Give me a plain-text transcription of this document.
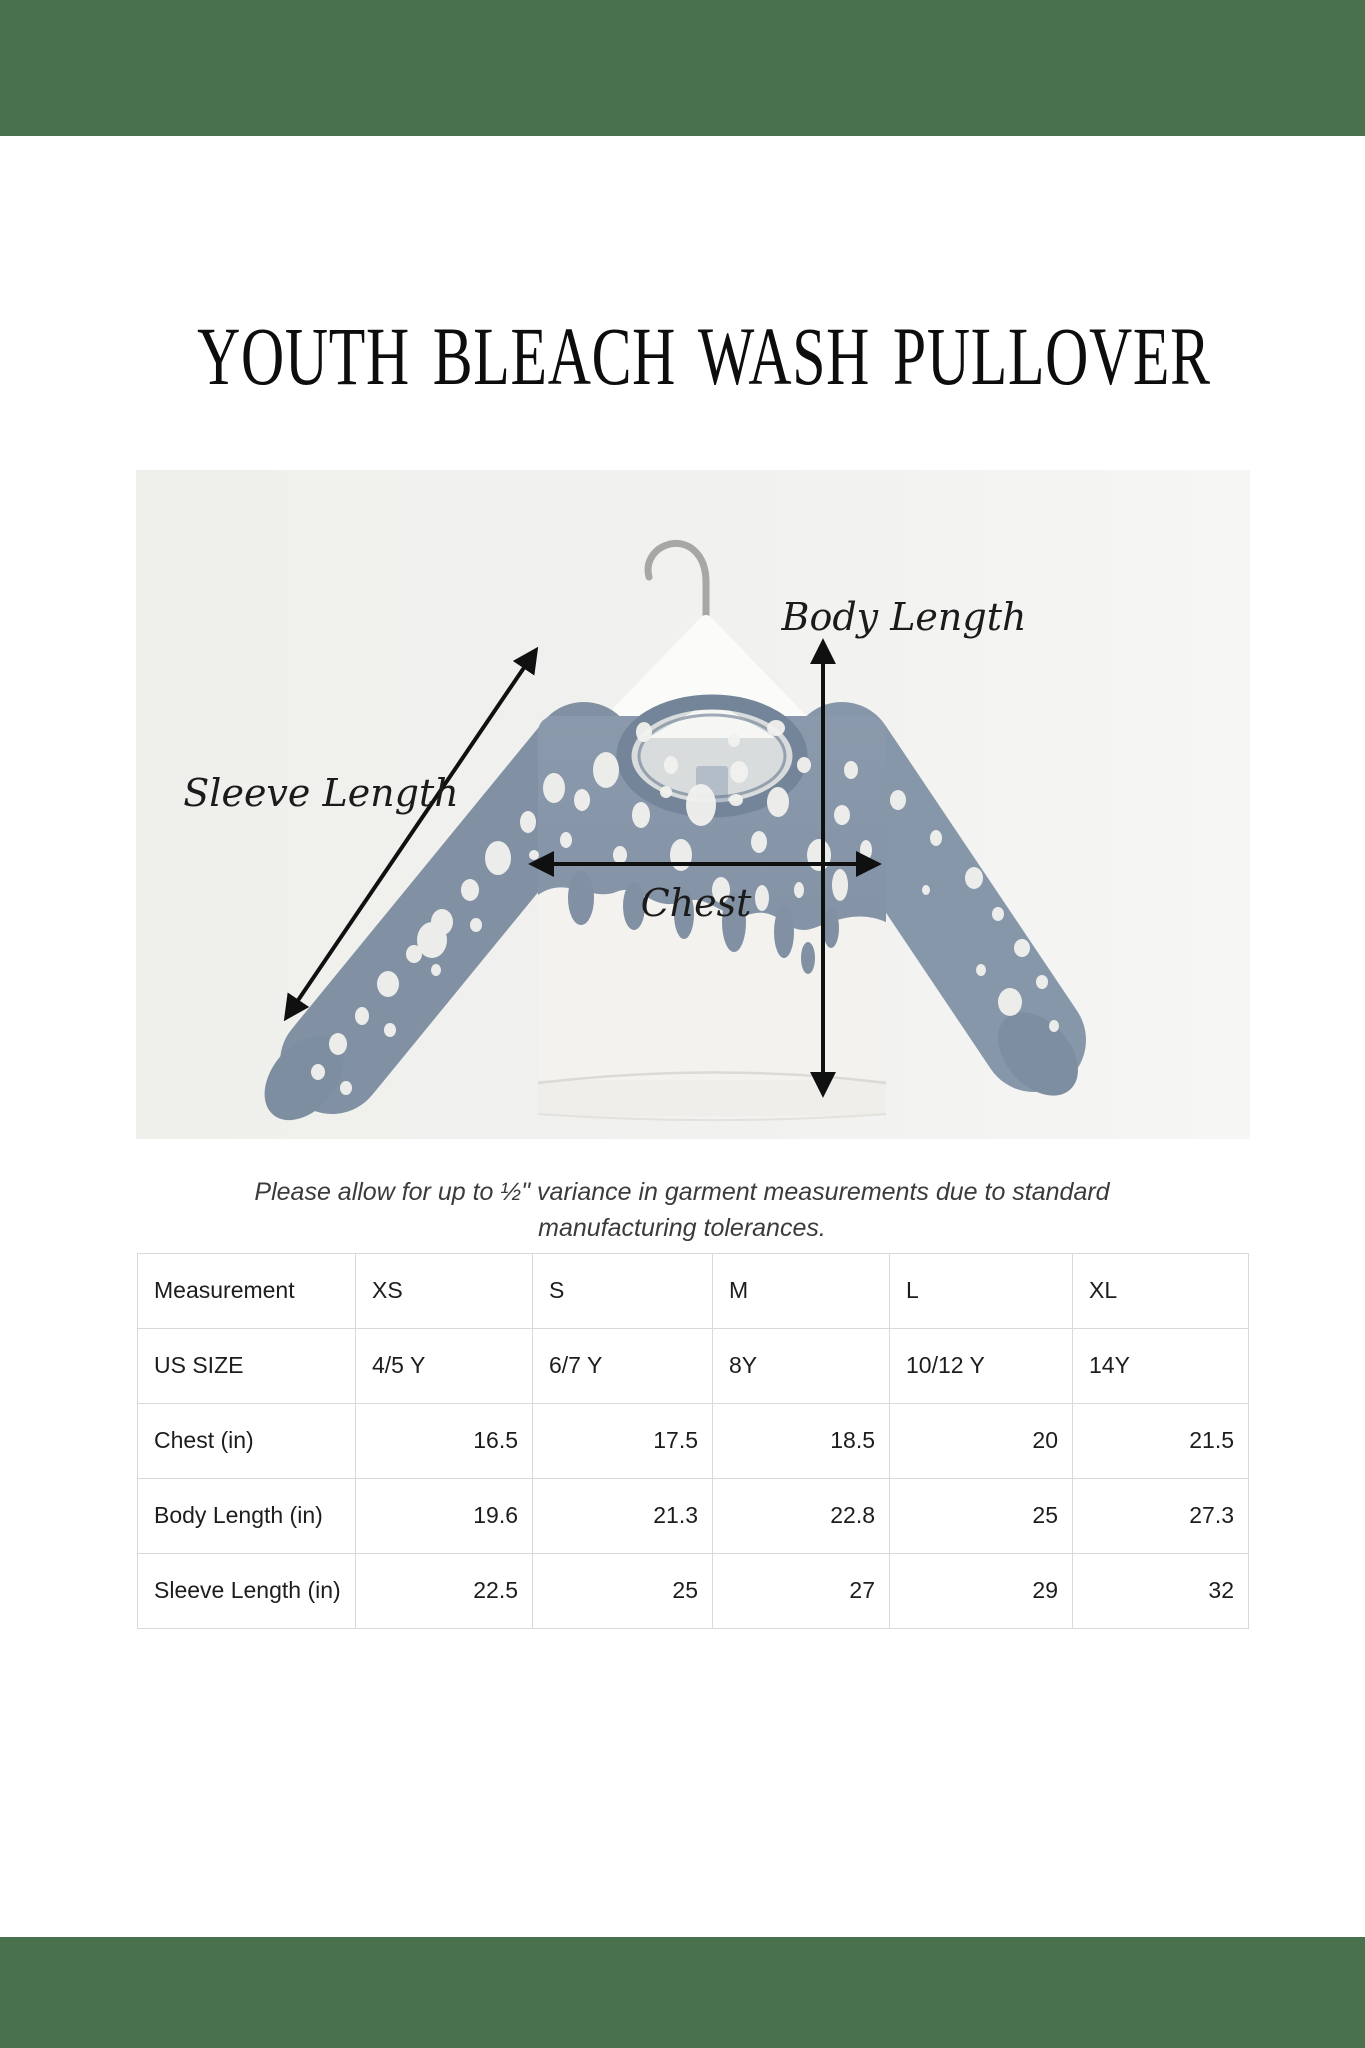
YOUTH BLEACH WASH PULLOVER
Sleeve Length
Body Length
Chest

Please allow for up to ½" variance in garment measurements due to standard manufacturing tolerances.

Measurement	XS	S	M	L	XL
US SIZE	4/5 Y	6/7 Y	8Y	10/12 Y	14Y
Chest (in)	16.5	17.5	18.5	20	21.5
Body Length (in)	19.6	21.3	22.8	25	27.3
Sleeve Length (in)	22.5	25	27	29	32
